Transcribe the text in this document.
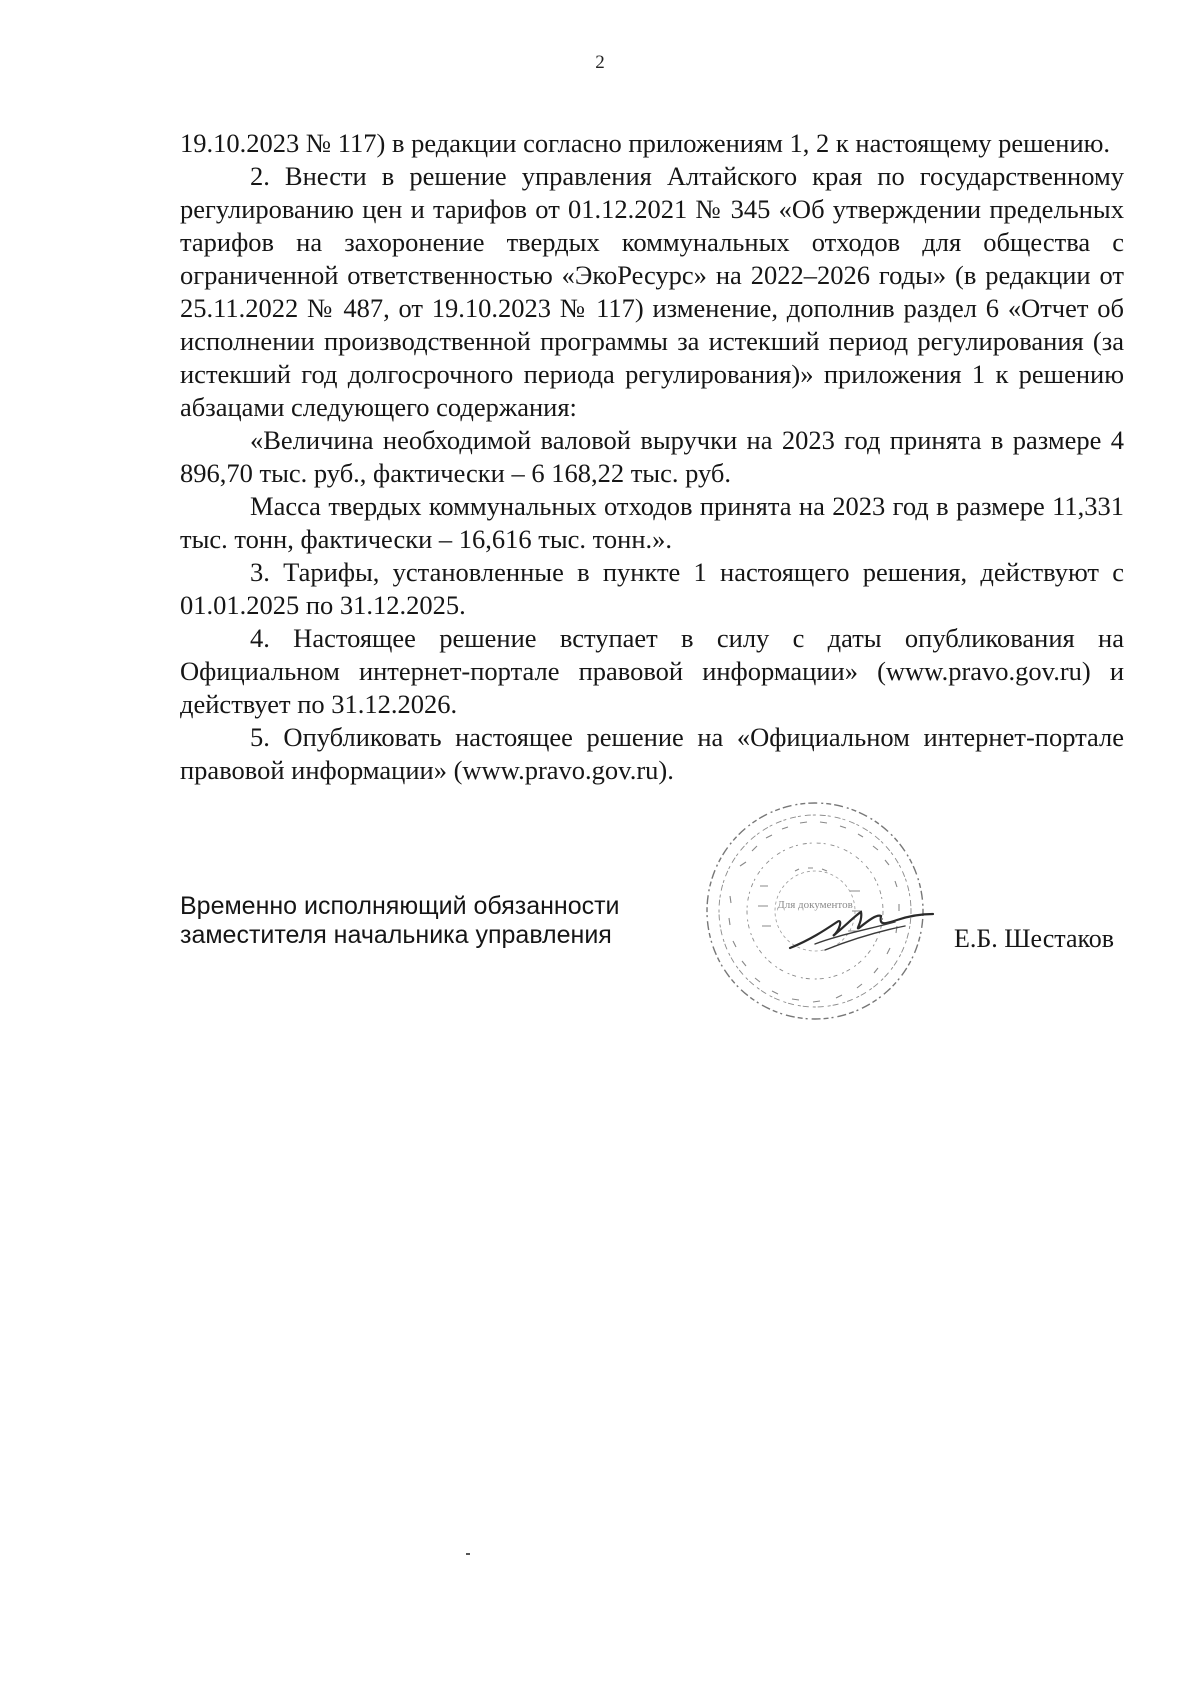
2

19.10.2023 № 117) в редакции согласно приложениям 1, 2 к настоящему решению.

2. Внести в решение управления Алтайского края по государственному регулированию цен и тарифов от 01.12.2021 № 345 «Об утверждении предельных тарифов на захоронение твердых коммунальных отходов для общества с ограниченной ответственностью «ЭкоРесурс» на 2022–2026 годы» (в редакции от 25.11.2022 № 487, от 19.10.2023 № 117) изменение, дополнив раздел 6 «Отчет об исполнении производственной программы за истекший период регулирования (за истекший год долгосрочного периода регулирования)» приложения 1 к решению абзацами следующего содержания:

«Величина необходимой валовой выручки на 2023 год принята в размере 4 896,70 тыс. руб., фактически – 6 168,22 тыс. руб.

Масса твердых коммунальных отходов принята на 2023 год в размере 11,331 тыс. тонн, фактически – 16,616 тыс. тонн.».

3. Тарифы, установленные в пункте 1 настоящего решения, действуют с 01.01.2025 по 31.12.2025.

4. Настоящее решение вступает в силу с даты опубликования на Официальном интернет-портале правовой информации» (www.pravo.gov.ru) и действует по 31.12.2026.

5. Опубликовать настоящее решение на «Официальном интернет-портале правовой информации» (www.pravo.gov.ru).

Временно исполняющий обязанности
заместителя начальника управления
Для документов
Е.Б. Шестаков
